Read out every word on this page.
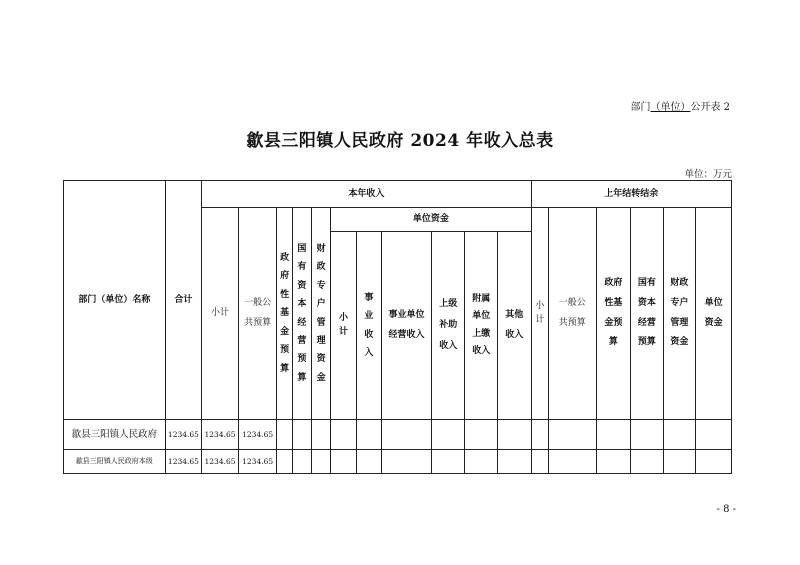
部门（单位）公开表 2
歙县三阳镇人民政府 2024 年收入总表
单位：万元
部门（单位）名称	合计	本年收入											上年结转结余					
		小计	一般公共预算	政府性基金预算	国有资本经营预算	财政专户管理资金	单位资金						小计	一般公共预算	政府性基金预算	国有资本经营预算	财政专户管理资金	单位资金
							小计	事业收入	事业单位经营收入	上级补助收入	附属单位上缴收入	其他收入						
歙县三阳镇人民政府	1234.65	1234.65	1234.65															
歙县三阳镇人民政府本级	1234.65	1234.65	1234.65															
- 8 -
